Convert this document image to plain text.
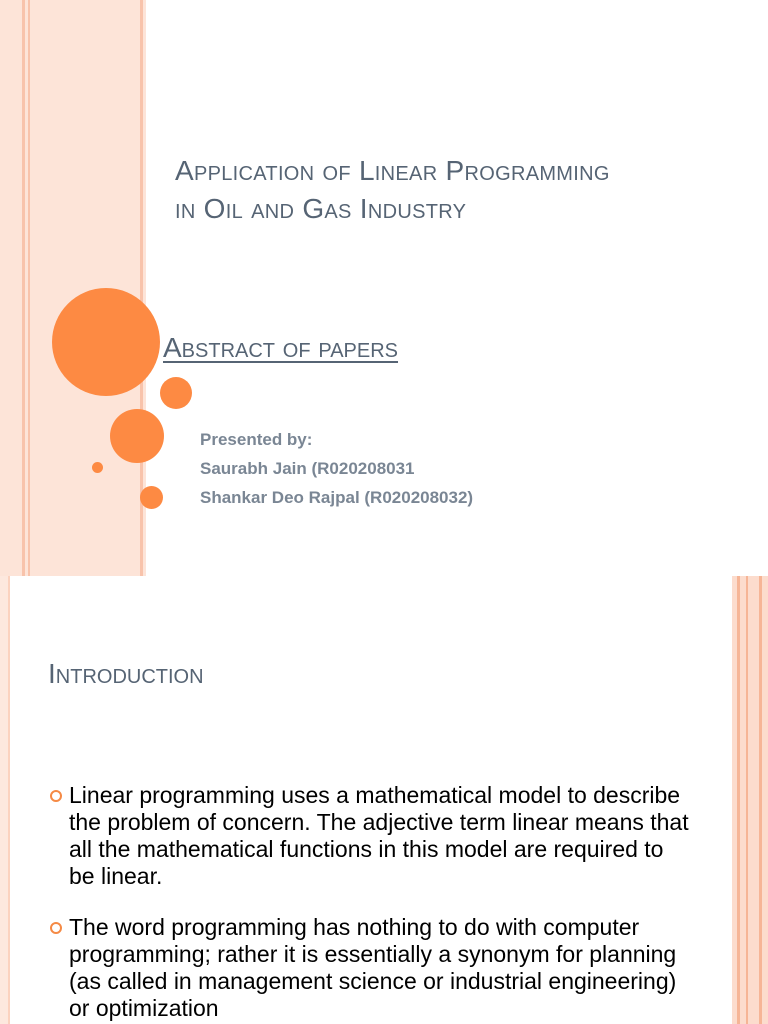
Application of Linear Programming
in Oil and Gas Industry
Abstract of papers
Presented by:
Saurabh Jain (R020208031
Shankar Deo Rajpal (R020208032)
Introduction
Linear programming uses a mathematical model to describe the problem of concern. The adjective term linear means that all the mathematical functions in this model are required to be linear.
The word programming has nothing to do with computer programming; rather it is essentially a synonym for planning (as called in management science or industrial engineering) or optimization
